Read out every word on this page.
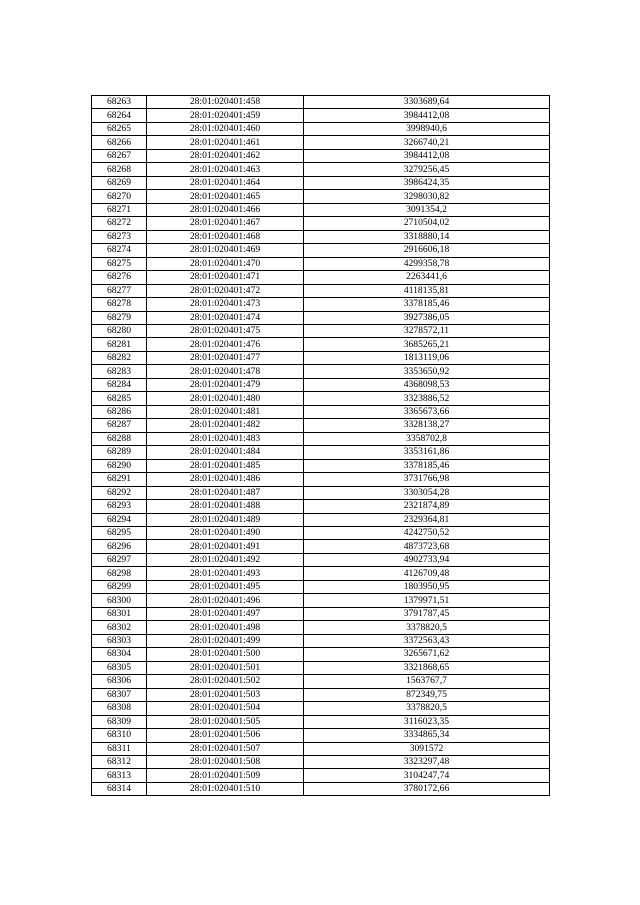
68263	28:01:020401:458	3303689,64
68264	28:01:020401:459	3984412,08
68265	28:01:020401:460	3998940,6
68266	28:01:020401:461	3266740,21
68267	28:01:020401:462	3984412,08
68268	28:01:020401:463	3279256,45
68269	28:01:020401:464	3986424,35
68270	28:01:020401:465	3298030,82
68271	28:01:020401:466	3091354,2
68272	28:01:020401:467	2710504,02
68273	28:01:020401:468	3318880,14
68274	28:01:020401:469	2916606,18
68275	28:01:020401:470	4299358,78
68276	28:01:020401:471	2263441,6
68277	28:01:020401:472	4118135,81
68278	28:01:020401:473	3378185,46
68279	28:01:020401:474	3927386,05
68280	28:01:020401:475	3278572,11
68281	28:01:020401:476	3685265,21
68282	28:01:020401:477	1813119,06
68283	28:01:020401:478	3353650,92
68284	28:01:020401:479	4368098,53
68285	28:01:020401:480	3323886,52
68286	28:01:020401:481	3365673,66
68287	28:01:020401:482	3328138,27
68288	28:01:020401:483	3358702,8
68289	28:01:020401:484	3353161,86
68290	28:01:020401:485	3378185,46
68291	28:01:020401:486	3731766,98
68292	28:01:020401:487	3303054,28
68293	28:01:020401:488	2321874,89
68294	28:01:020401:489	2329364,81
68295	28:01:020401:490	4242750,52
68296	28:01:020401:491	4873723,68
68297	28:01:020401:492	4902733,94
68298	28:01:020401:493	4126709,48
68299	28:01:020401:495	1803950,95
68300	28:01:020401:496	1379971,51
68301	28:01:020401:497	3791787,45
68302	28:01:020401:498	3378820,5
68303	28:01:020401:499	3372563,43
68304	28:01:020401:500	3265671,62
68305	28:01:020401:501	3321868,65
68306	28:01:020401:502	1563767,7
68307	28:01:020401:503	872349,75
68308	28:01:020401:504	3378820,5
68309	28:01:020401:505	3116023,35
68310	28:01:020401:506	3334865,34
68311	28:01:020401:507	3091572
68312	28:01:020401:508	3323297,48
68313	28:01:020401:509	3104247,74
68314	28:01:020401:510	3780172,66
